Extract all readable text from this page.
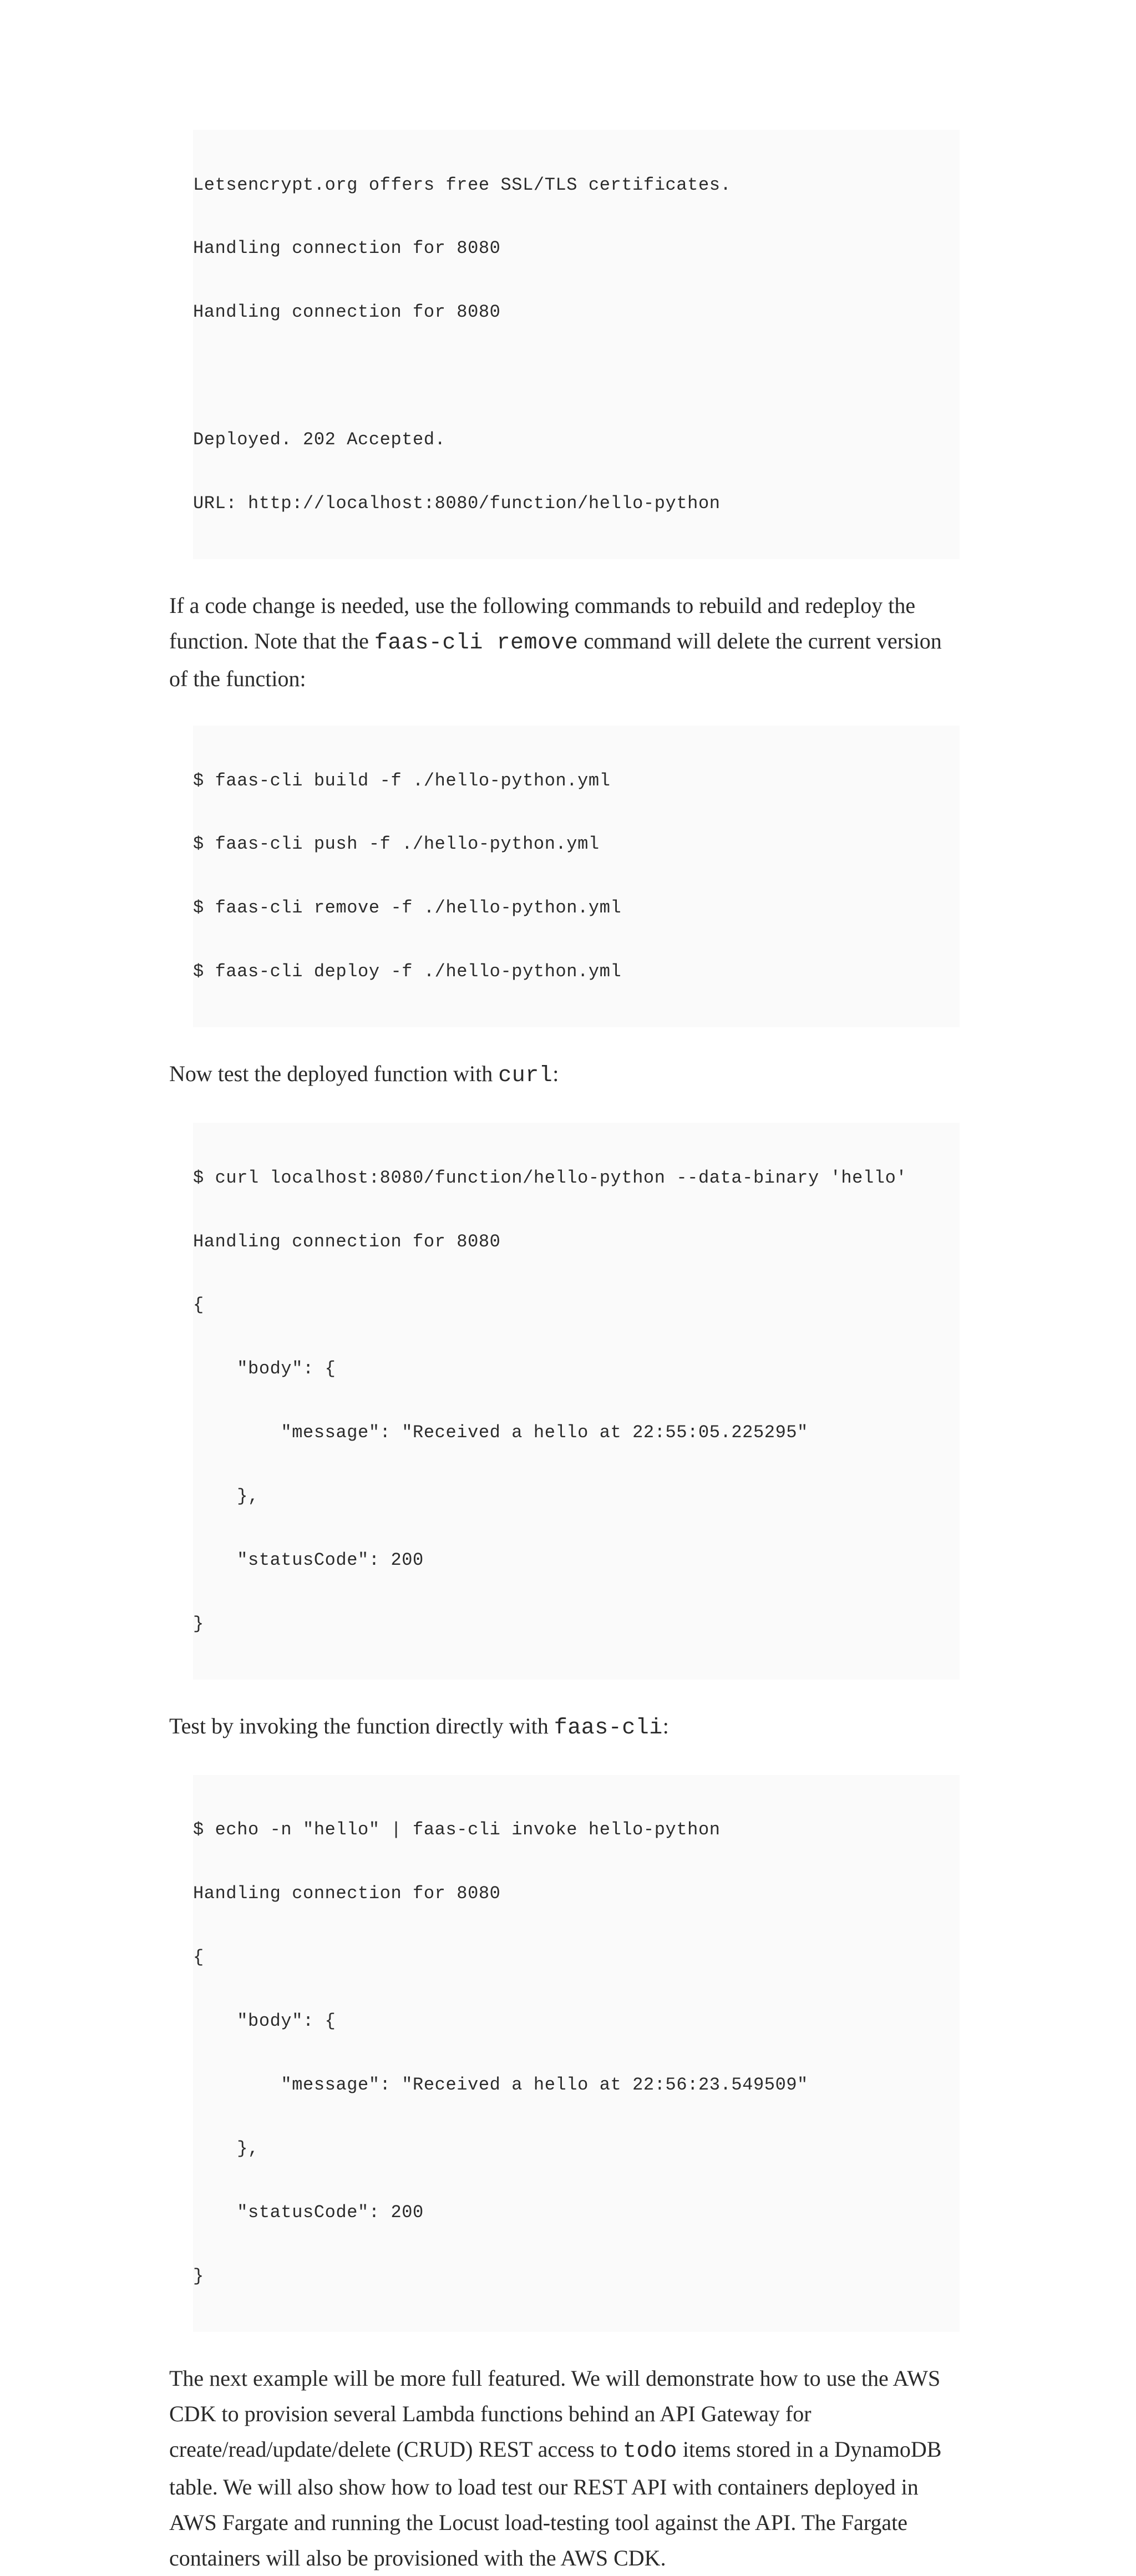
Letsencrypt.org offers free SSL/TLS certificates.

Handling connection for 8080

Handling connection for 8080

Deployed. 202 Accepted.

URL: http://localhost:8080/function/hello-python

If a code change is needed, use the following commands to rebuild and redeploy the function. Note that the faas-cli remove command will delete the current version of the function:

$ faas-cli build -f ./hello-python.yml

$ faas-cli push -f ./hello-python.yml

$ faas-cli remove -f ./hello-python.yml

$ faas-cli deploy -f ./hello-python.yml

Now test the deployed function with curl:

$ curl localhost:8080/function/hello-python --data-binary 'hello'

Handling connection for 8080

{

"body": {

"message": "Received a hello at 22:55:05.225295"

},

"statusCode": 200

}

Test by invoking the function directly with faas-cli:

$ echo -n "hello" | faas-cli invoke hello-python

Handling connection for 8080

{

"body": {

"message": "Received a hello at 22:56:23.549509"

},

"statusCode": 200

}

The next example will be more full featured. We will demonstrate how to use the AWS CDK to provision several Lambda functions behind an API Gateway for create/read/update/delete (CRUD) REST access to todo items stored in a DynamoDB table. We will also show how to load test our REST API with containers deployed in AWS Fargate and running the Locust load-testing tool against the API. The Fargate containers will also be provisioned with the AWS CDK.
